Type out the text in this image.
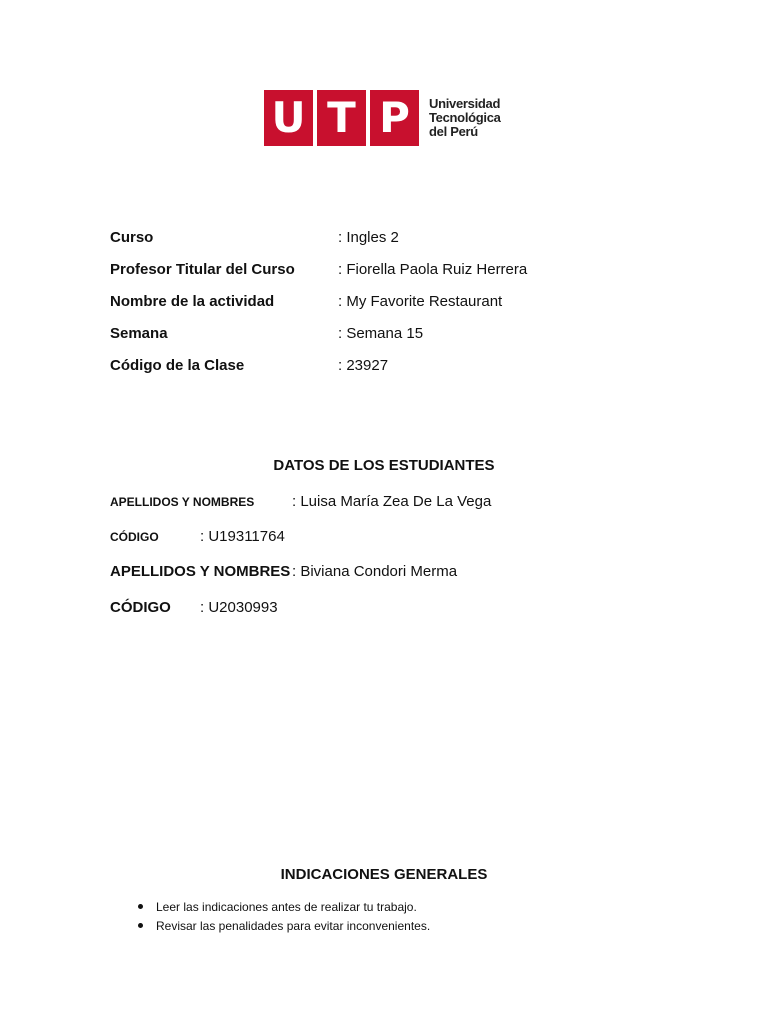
U T P	Universidad
Tecnológica
del Perú
Curso	: Ingles 2
Profesor Titular del Curso	: Fiorella Paola Ruiz Herrera
Nombre de la actividad	: My Favorite Restaurant
Semana	: Semana 15
Código de la Clase	: 23927
DATOS DE LOS ESTUDIANTES
APELLIDOS Y NOMBRES	: Luisa María Zea De La Vega
CÓDIGO	: U19311764
APELLIDOS Y NOMBRES : Biviana Condori Merma
CÓDIGO : U2030993
INDICACIONES GENERALES
Leer las indicaciones antes de realizar tu trabajo.
Revisar las penalidades para evitar inconvenientes.
